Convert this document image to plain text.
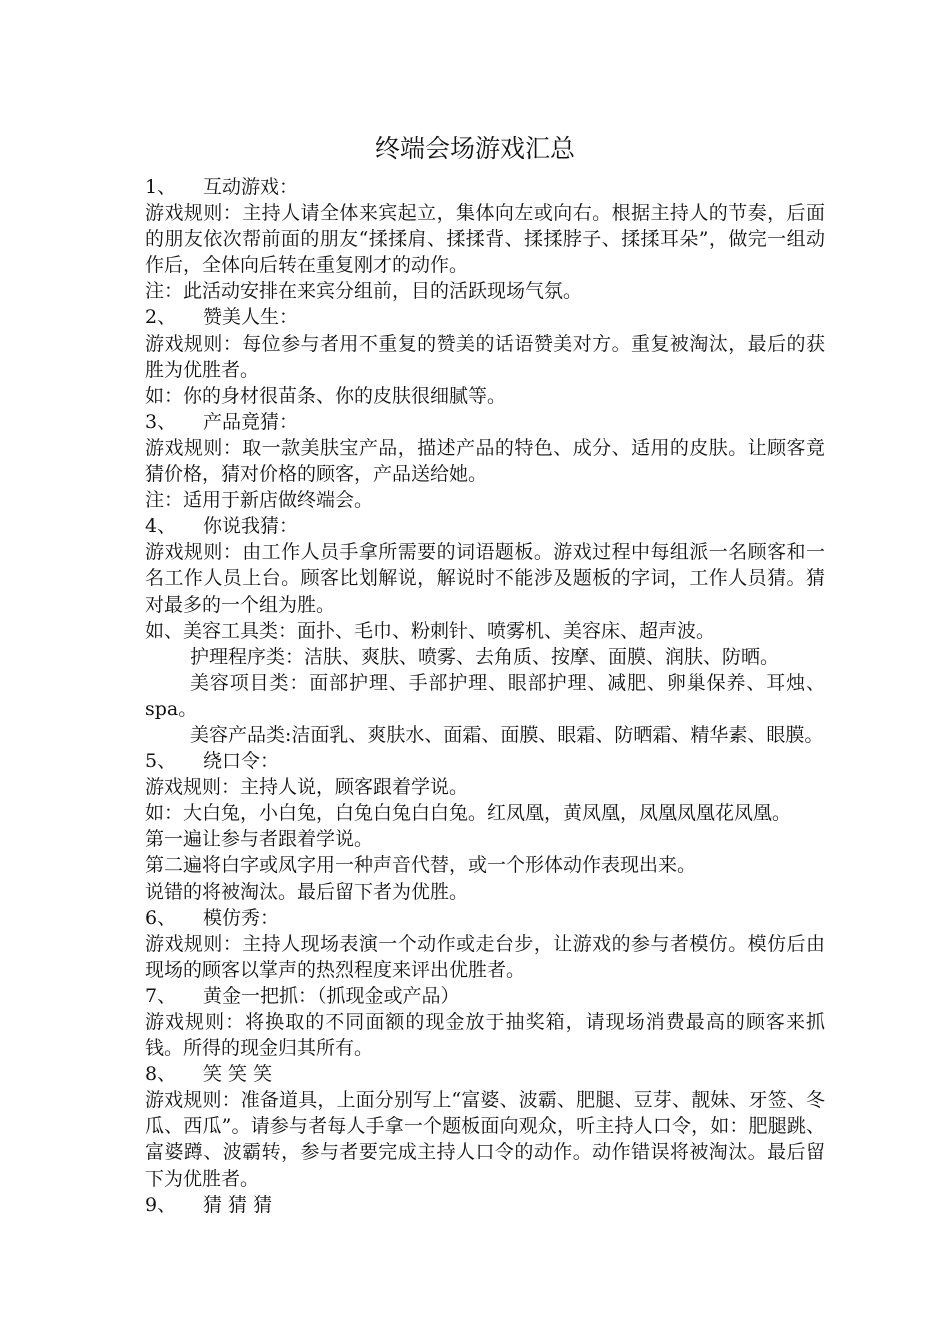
终端会场游戏汇总

1、 互动游戏：

游戏规则：主持人请全体来宾起立，集体向左或向右。根据主持人的节奏，后面的朋友依次帮前面的朋友“揉揉肩、揉揉背、揉揉脖子、揉揉耳朵”，做完一组动作后，全体向后转在重复刚才的动作。

注：此活动安排在来宾分组前，目的活跃现场气氛。

2、 赞美人生：

游戏规则：每位参与者用不重复的赞美的话语赞美对方。重复被淘汰，最后的获胜为优胜者。

如：你的身材很苗条、你的皮肤很细腻等。

3、 产品竟猜：

游戏规则：取一款美肤宝产品，描述产品的特色、成分、适用的皮肤。让顾客竟猜价格，猜对价格的顾客，产品送给她。

注：适用于新店做终端会。

4、 你说我猜：

游戏规则：由工作人员手拿所需要的词语题板。游戏过程中每组派一名顾客和一名工作人员上台。顾客比划解说，解说时不能涉及题板的字词，工作人员猜。猜对最多的一个组为胜。

如、美容工具类：面扑、毛巾、粉刺针、喷雾机、美容床、超声波。

护理程序类：洁肤、爽肤、喷雾、去角质、按摩、面膜、润肤、防晒。

美容项目类：面部护理、手部护理、眼部护理、减肥、卵巢保养、耳烛、spa。

美容产品类:洁面乳、爽肤水、面霜、面膜、眼霜、防晒霜、精华素、眼膜。

5、 绕口令：

游戏规则：主持人说，顾客跟着学说。

如：大白兔，小白兔，白兔白兔白白兔。红凤凰，黄凤凰，凤凰凤凰花凤凰。

第一遍让参与者跟着学说。

第二遍将白字或凤字用一种声音代替，或一个形体动作表现出来。

说错的将被淘汰。最后留下者为优胜。

6、 模仿秀：

游戏规则：主持人现场表演一个动作或走台步，让游戏的参与者模仿。模仿后由现场的顾客以掌声的热烈程度来评出优胜者。

7、 黄金一把抓：（抓现金或产品）

游戏规则：将换取的不同面额的现金放于抽奖箱，请现场消费最高的顾客来抓钱。所得的现金归其所有。

8、 笑 笑 笑

游戏规则：准备道具，上面分别写上“富婆、波霸、肥腿、豆芽、靓妹、牙签、冬瓜、西瓜”。请参与者每人手拿一个题板面向观众，听主持人口令，如：肥腿跳、富婆蹲、波霸转，参与者要完成主持人口令的动作。动作错误将被淘汰。最后留下为优胜者。

9、 猜 猜 猜
